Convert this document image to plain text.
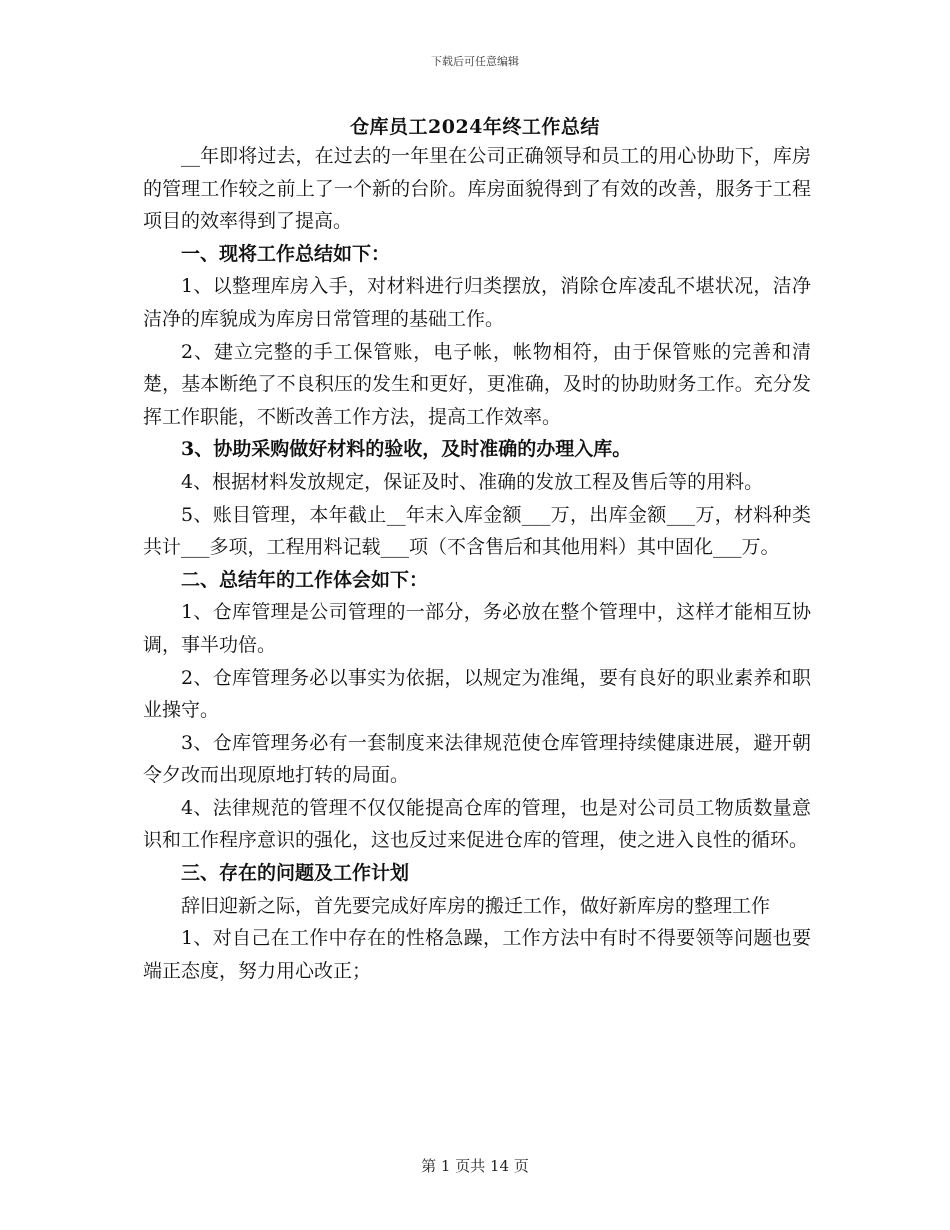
下载后可任意编辑
仓库员工2024年终工作总结

__年即将过去，在过去的一年里在公司正确领导和员工的用心协助下，库房的管理工作较之前上了一个新的台阶。库房面貌得到了有效的改善，服务于工程项目的效率得到了提高。

一、现将工作总结如下：

1、以整理库房入手，对材料进行归类摆放，消除仓库凌乱不堪状况，洁净洁净的库貌成为库房日常管理的基础工作。

2、建立完整的手工保管账，电子帐，帐物相符，由于保管账的完善和清楚，基本断绝了不良积压的发生和更好，更准确，及时的协助财务工作。充分发挥工作职能，不断改善工作方法，提高工作效率。

3、协助采购做好材料的验收，及时准确的办理入库。

4、根据材料发放规定，保证及时、准确的发放工程及售后等的用料。

5、账目管理，本年截止__年末入库金额___万，出库金额___万，材料种类共计___多项，工程用料记载___项（不含售后和其他用料）其中固化___万。

二、总结年的工作体会如下：

1、仓库管理是公司管理的一部分，务必放在整个管理中，这样才能相互协调，事半功倍。

2、仓库管理务必以事实为依据，以规定为准绳，要有良好的职业素养和职业操守。

3、仓库管理务必有一套制度来法律规范使仓库管理持续健康进展，避开朝令夕改而出现原地打转的局面。

4、法律规范的管理不仅仅能提高仓库的管理，也是对公司员工物质数量意识和工作程序意识的强化，这也反过来促进仓库的管理，使之进入良性的循环。

三、存在的问题及工作计划

辞旧迎新之际，首先要完成好库房的搬迁工作，做好新库房的整理工作

1、对自己在工作中存在的性格急躁，工作方法中有时不得要领等问题也要端正态度，努力用心改正；

第 1 页共 14 页
